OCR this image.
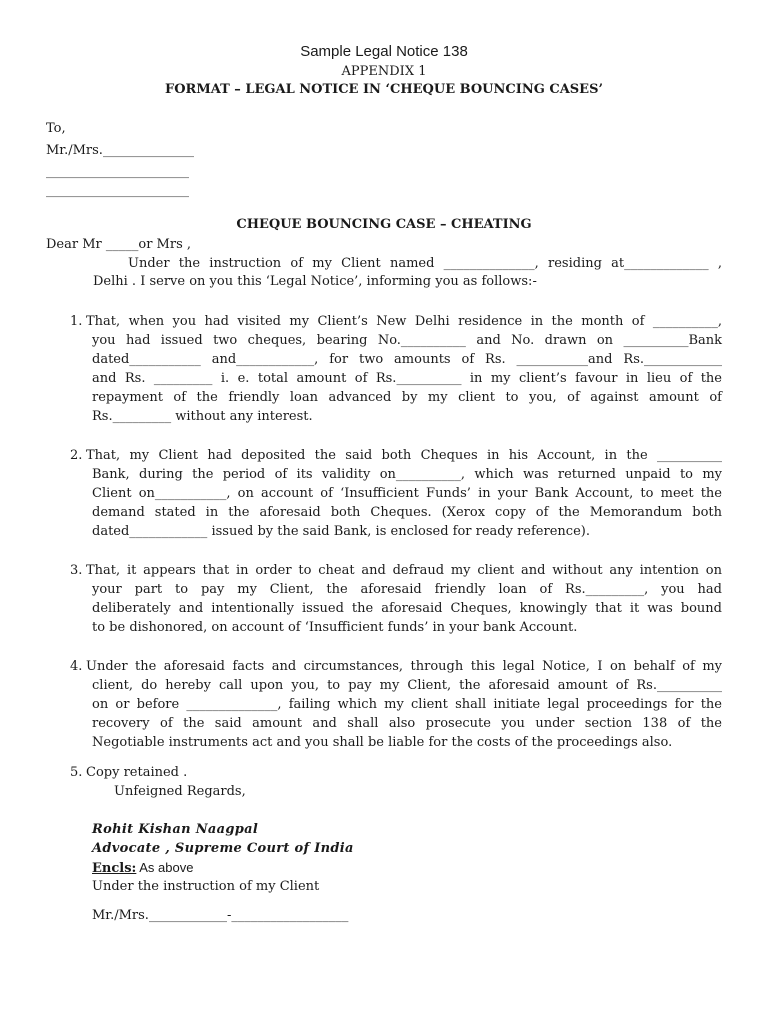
Sample Legal Notice 138
APPENDIX 1
FORMAT – LEGAL NOTICE IN ‘CHEQUE BOUNCING CASES’
To,
Mr./Mrs.______________
______________________
______________________
CHEQUE BOUNCING CASE – CHEATING
Dear Mr _____or Mrs ,
Under the instruction of my Client named ______________, residing at_____________ ,
Delhi . I serve on you this ‘Legal Notice’, informing you as follows:-
1. That, when you had visited my Client’s New Delhi residence in the month of __________,
you had issued two cheques, bearing No.__________ and No. drawn on __________Bank
dated___________ and____________, for two amounts of Rs. ___________and Rs.____________
and Rs. _________ i. e. total amount of Rs.__________ in my client’s favour in lieu of the
repayment of the friendly loan advanced by my client to you, of against amount of
Rs._________ without any interest.
2. That, my Client had deposited the said both Cheques in his Account, in the __________
Bank, during the period of its validity on__________, which was returned unpaid to my
Client on___________, on account of ‘Insufficient Funds’ in your Bank Account, to meet the
demand stated in the aforesaid both Cheques. (Xerox copy of the Memorandum both
dated____________ issued by the said Bank, is enclosed for ready reference).
3. That, it appears that in order to cheat and defraud my client and without any intention on
your part to pay my Client, the aforesaid friendly loan of Rs._________, you had
deliberately and intentionally issued the aforesaid Cheques, knowingly that it was bound
to be dishonored, on account of ‘Insufficient funds’ in your bank Account.
4. Under the aforesaid facts and circumstances, through this legal Notice, I on behalf of my
client, do hereby call upon you, to pay my Client, the aforesaid amount of Rs.__________
on or before ______________, failing which my client shall initiate legal proceedings for the
recovery of the said amount and shall also prosecute you under section 138 of the
Negotiable instruments act and you shall be liable for the costs of the proceedings also.
5. Copy retained .
Unfeigned Regards,
Rohit Kishan Naagpal
Advocate , Supreme Court of India
Encls: As above
Under the instruction of my Client
Mr./Mrs.____________-__________________
